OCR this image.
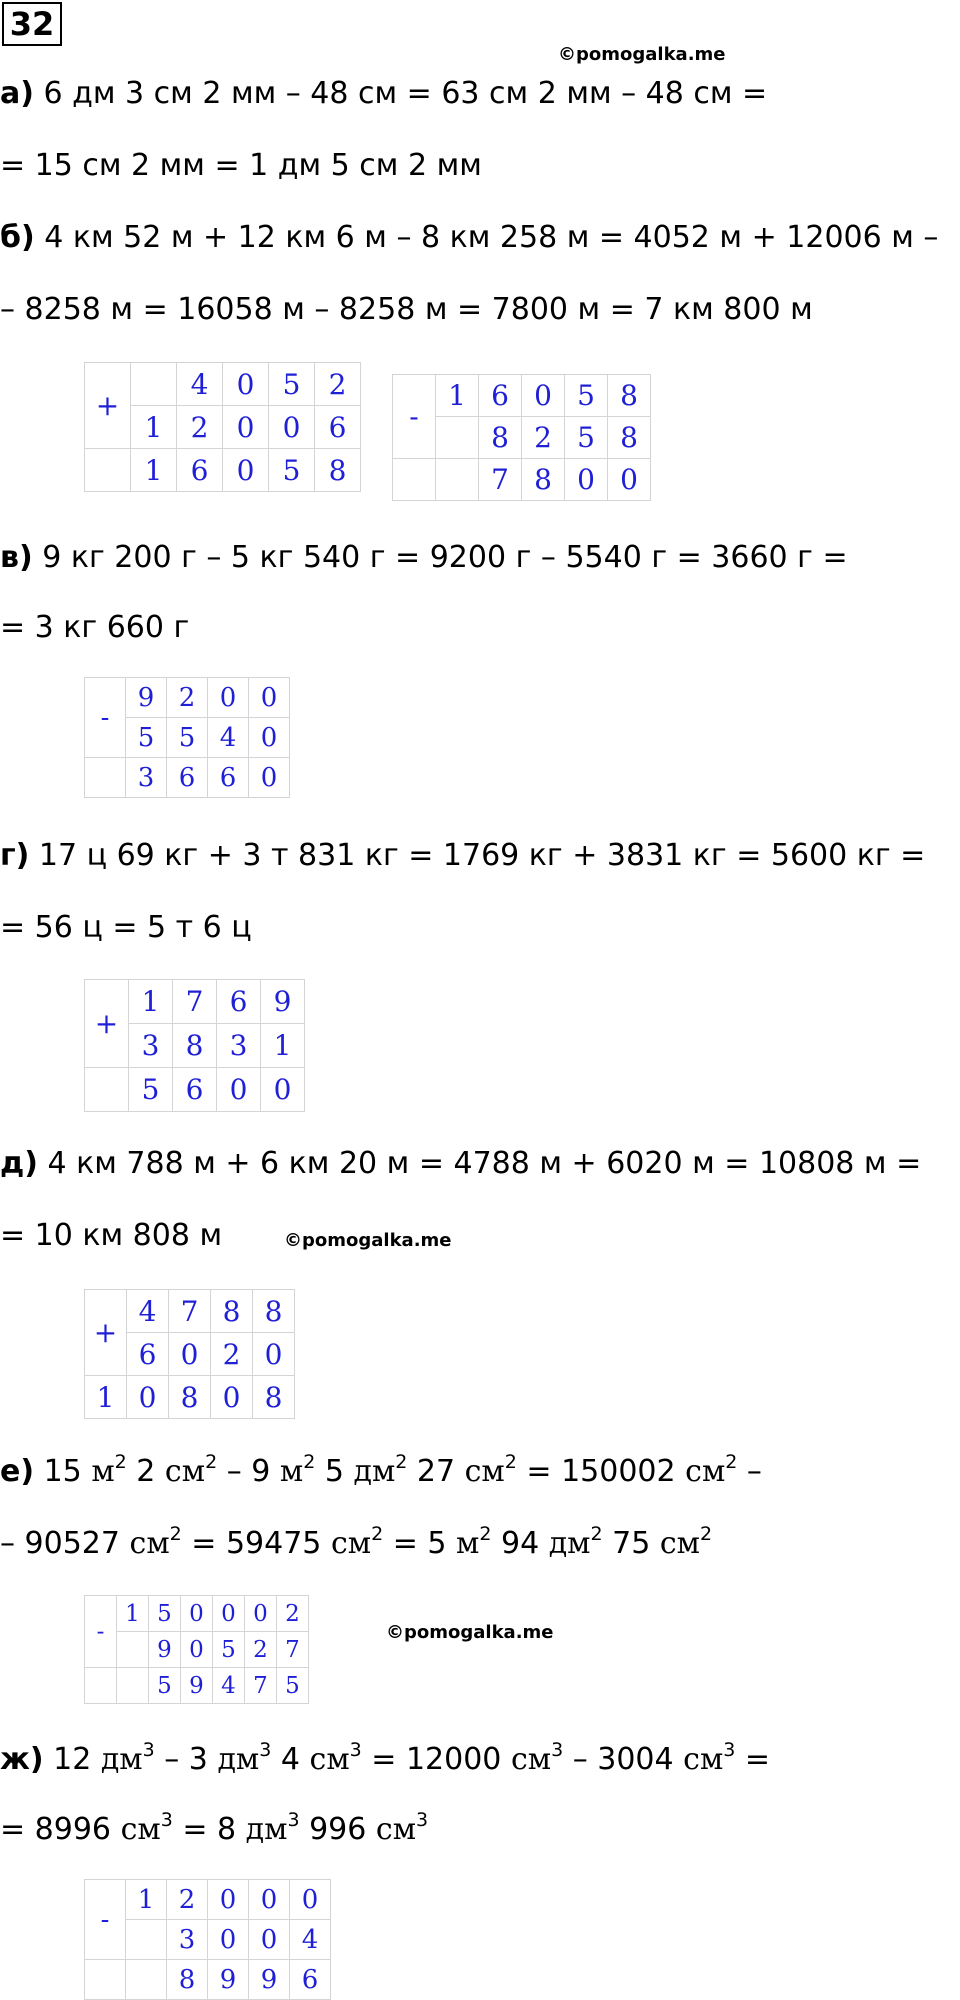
32
©pomogalka.me
а) 6 дм 3 см 2 мм – 48 см = 63 см 2 мм – 48 см =
= 15 см 2 мм = 1 дм 5 см 2 мм
б) 4 км 52 м + 12 км 6 м – 8 км 258 м = 4052 м + 12006 м –
– 8258 м = 16058 м – 8258 м = 7800 м = 7 км 800 м
+		4	0	5	2
	1	2	0	0	6
	1	6	0	5	8
-	1	6	0	5	8
		8	2	5	8
		7	8	0	0
в) 9 кг 200 г – 5 кг 540 г = 9200 г – 5540 г = 3660 г =
= 3 кг 660 г
-	9	2	0	0
	5	5	4	0
	3	6	6	0
г) 17 ц 69 кг + 3 т 831 кг = 1769 кг + 3831 кг = 5600 кг =
= 56 ц = 5 т 6 ц
+	1	7	6	9
	3	8	3	1
	5	6	0	0
д) 4 км 788 м + 6 км 20 м = 4788 м + 6020 м = 10808 м =
= 10 км 808 м	©pomogalka.me
+	4	7	8	8
	6	0	2	0
1	0	8	0	8
е) 15 $м^2$ 2 $см^2 - 9$ $м^2$ 5 $дм^2$ 27 $см^2 = 150002$ $см^2$ –
– 90527 $см^2 = 59475$ $см^2 = 5$ $м^2$ 94 $дм^2$ 75 $см^2$
-	1	5	0	0	0	2
		9	0	5	2	7
		5	9	4	7	5
©pomogalka.me
ж) 12 $дм^3 - 3$ $дм^3$ 4 $см^3 = 12000$ $см^3 - 3004$ $см^3$ =
= 8996 $см^3 = 8$ $дм^3$ 996 $см^3$
-	1	2	0	0	0
		3	0	0	4
		8	9	9	6
